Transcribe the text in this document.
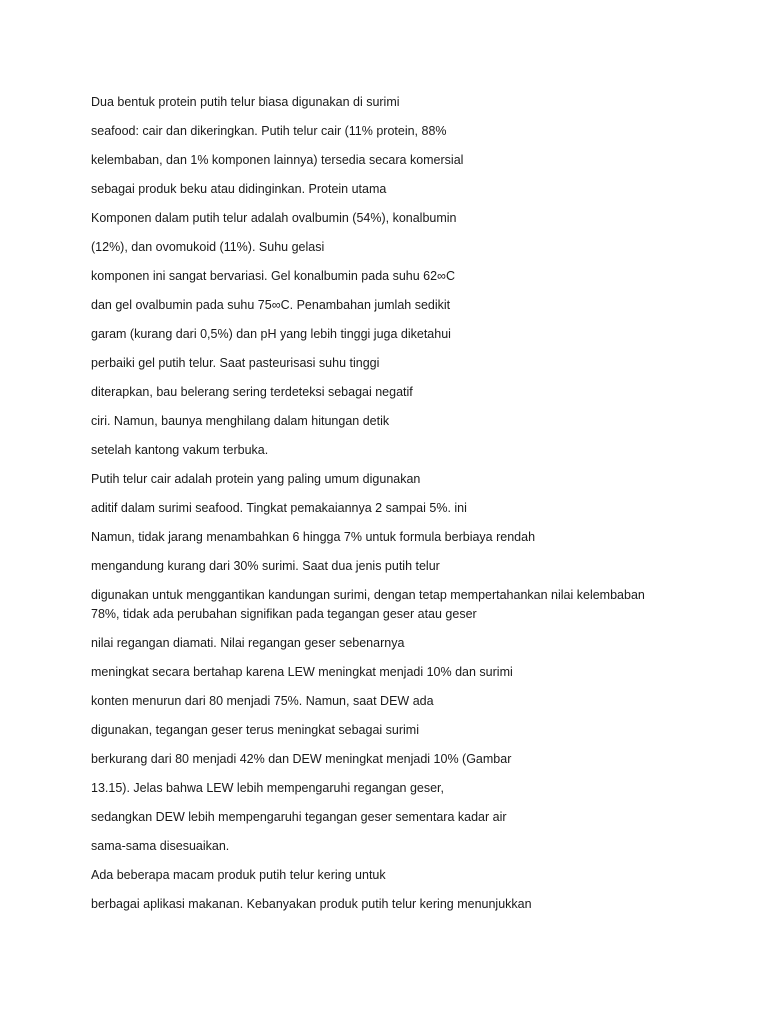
Dua bentuk protein putih telur biasa digunakan di surimi
seafood: cair dan dikeringkan. Putih telur cair (11% protein, 88%
kelembaban, dan 1% komponen lainnya) tersedia secara komersial
sebagai produk beku atau didinginkan. Protein utama
Komponen dalam putih telur adalah ovalbumin (54%), konalbumin
(12%), dan ovomukoid (11%). Suhu gelasi
komponen ini sangat bervariasi. Gel konalbumin pada suhu 62∞C
dan gel ovalbumin pada suhu 75∞C. Penambahan jumlah sedikit
garam (kurang dari 0,5%) dan pH yang lebih tinggi juga diketahui
perbaiki gel putih telur. Saat pasteurisasi suhu tinggi
diterapkan, bau belerang sering terdeteksi sebagai negatif
ciri. Namun, baunya menghilang dalam hitungan detik
setelah kantong vakum terbuka.
Putih telur cair adalah protein yang paling umum digunakan
aditif dalam surimi seafood. Tingkat pemakaiannya 2 sampai 5%. ini
Namun, tidak jarang menambahkan 6 hingga 7% untuk formula berbiaya rendah
mengandung kurang dari 30% surimi. Saat dua jenis putih telur
digunakan untuk menggantikan kandungan surimi, dengan tetap mempertahankan nilai kelembaban
78%, tidak ada perubahan signifikan pada tegangan geser atau geser
nilai regangan diamati. Nilai regangan geser sebenarnya
meningkat secara bertahap karena LEW meningkat menjadi 10% dan surimi
konten menurun dari 80 menjadi 75%. Namun, saat DEW ada
digunakan, tegangan geser terus meningkat sebagai surimi
berkurang dari 80 menjadi 42% dan DEW meningkat menjadi 10% (Gambar
13.15). Jelas bahwa LEW lebih mempengaruhi regangan geser,
sedangkan DEW lebih mempengaruhi tegangan geser sementara kadar air
sama-sama disesuaikan.
Ada beberapa macam produk putih telur kering untuk
berbagai aplikasi makanan. Kebanyakan produk putih telur kering menunjukkan
